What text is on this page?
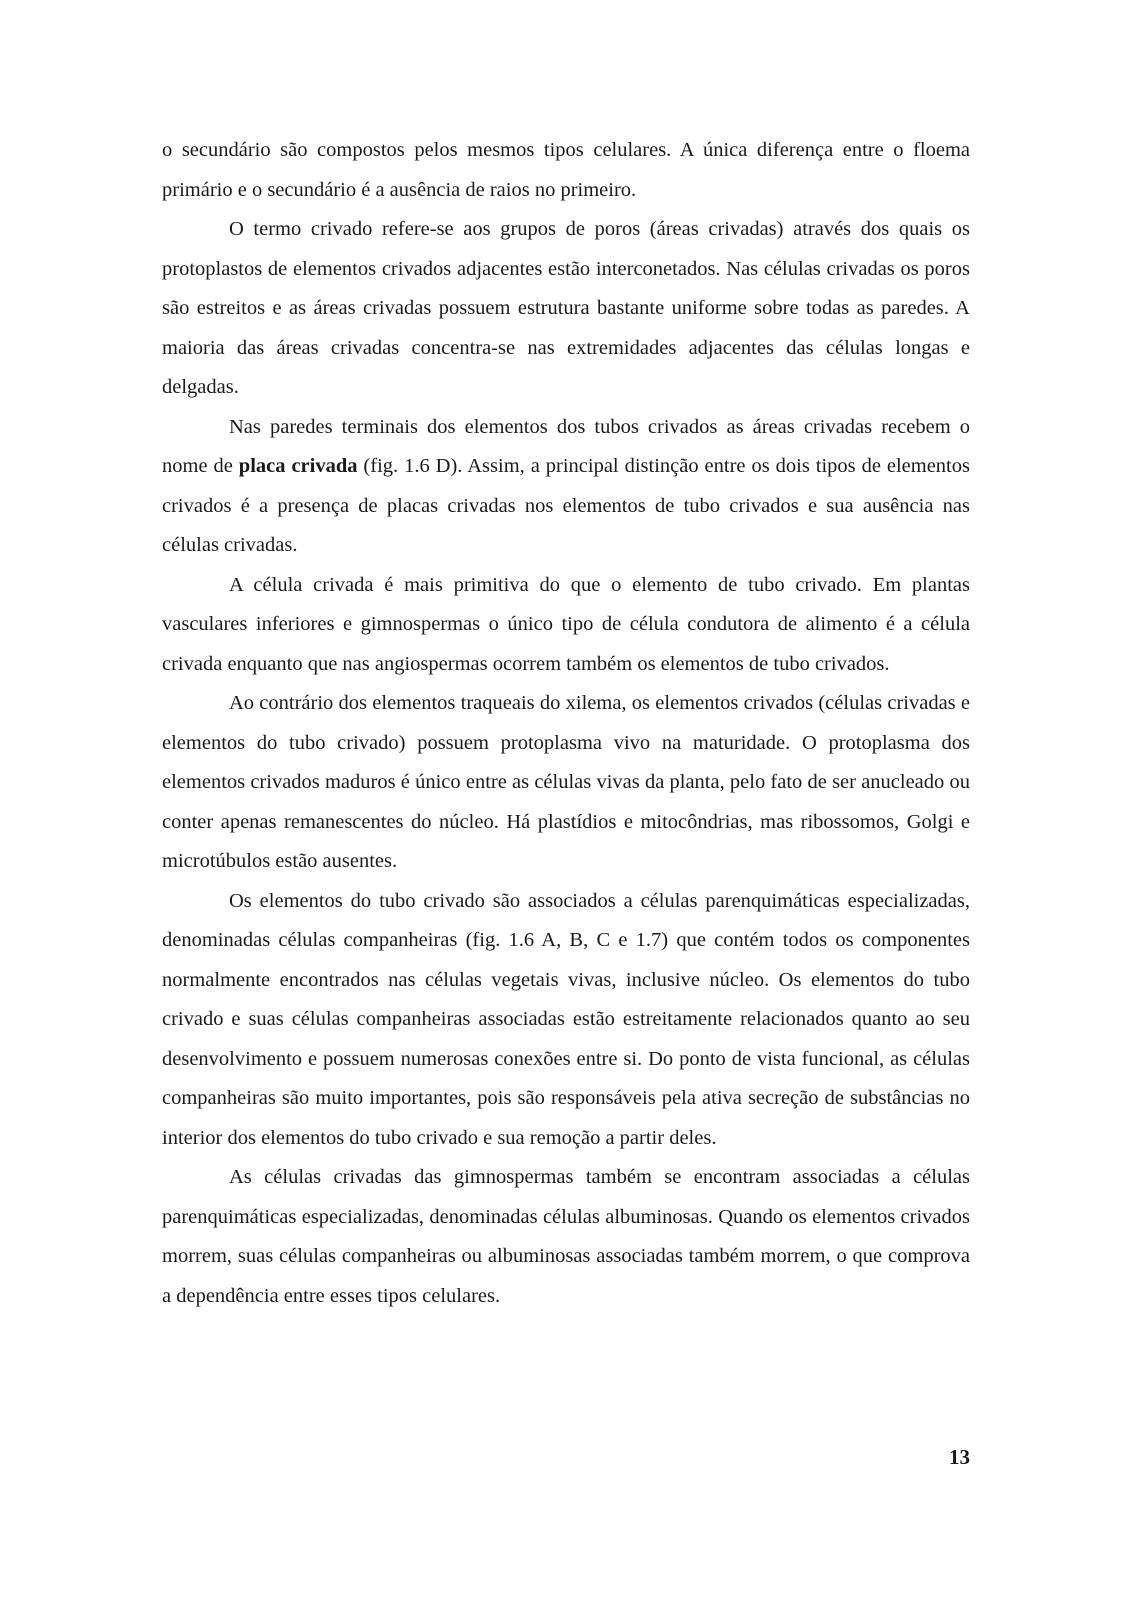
o secundário são compostos pelos mesmos tipos celulares. A única diferença entre o floema primário e o secundário é a ausência de raios no primeiro.

O termo crivado refere-se aos grupos de poros (áreas crivadas) através dos quais os protoplastos de elementos crivados adjacentes estão interconetados. Nas células crivadas os poros são estreitos e as áreas crivadas possuem estrutura bastante uniforme sobre todas as paredes. A maioria das áreas crivadas concentra-se nas extremidades adjacentes das células longas e delgadas.

Nas paredes terminais dos elementos dos tubos crivados as áreas crivadas recebem o nome de placa crivada (fig. 1.6 D). Assim, a principal distinção entre os dois tipos de elementos crivados é a presença de placas crivadas nos elementos de tubo crivados e sua ausência nas células crivadas.

A célula crivada é mais primitiva do que o elemento de tubo crivado. Em plantas vasculares inferiores e gimnospermas o único tipo de célula condutora de alimento é a célula crivada enquanto que nas angiospermas ocorrem também os elementos de tubo crivados.

Ao contrário dos elementos traqueais do xilema, os elementos crivados (células crivadas e elementos do tubo crivado) possuem protoplasma vivo na maturidade. O protoplasma dos elementos crivados maduros é único entre as células vivas da planta, pelo fato de ser anucleado ou conter apenas remanescentes do núcleo. Há plastídios e mitocôndrias, mas ribossomos, Golgi e microtúbulos estão ausentes.

Os elementos do tubo crivado são associados a células parenquimáticas especializadas, denominadas células companheiras (fig. 1.6 A, B, C e 1.7) que contém todos os componentes normalmente encontrados nas células vegetais vivas, inclusive núcleo. Os elementos do tubo crivado e suas células companheiras associadas estão estreitamente relacionados quanto ao seu desenvolvimento e possuem numerosas conexões entre si. Do ponto de vista funcional, as células companheiras são muito importantes, pois são responsáveis pela ativa secreção de substâncias no interior dos elementos do tubo crivado e sua remoção a partir deles.

As células crivadas das gimnospermas também se encontram associadas a células parenquimáticas especializadas, denominadas células albuminosas. Quando os elementos crivados morrem, suas células companheiras ou albuminosas associadas também morrem, o que comprova a dependência entre esses tipos celulares.

13
